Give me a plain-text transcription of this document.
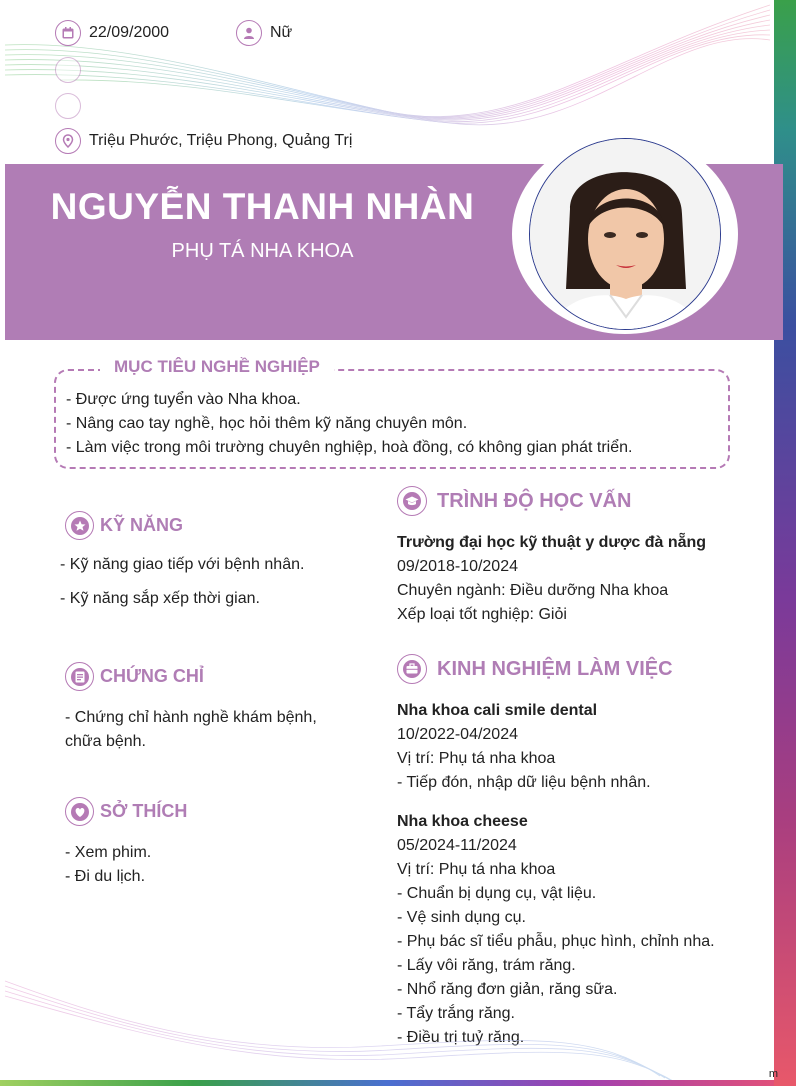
22/09/2000	Nữ
Triệu Phước, Triệu Phong, Quảng Trị
NGUYỄN THANH NHÀN
PHỤ TÁ NHA KHOA
MỤC TIÊU NGHỀ NGHIỆP
- Được ứng tuyển vào Nha khoa.
- Nâng cao tay nghề, học hỏi thêm kỹ năng chuyên môn.
- Làm việc trong môi trường chuyên nghiệp, hoà đồng, có không gian phát triển.
KỸ NĂNG
- Kỹ năng giao tiếp với bệnh nhân.
- Kỹ năng sắp xếp thời gian.
CHỨNG CHỈ
- Chứng chỉ hành nghề khám bệnh,
chữa bệnh.
SỞ THÍCH
- Xem phim.
- Đi du lịch.
TRÌNH ĐỘ HỌC VẤN
Trường đại học kỹ thuật y dược đà nẵng
09/2018-10/2024
Chuyên ngành: Điều dưỡng Nha khoa
Xếp loại tốt nghiệp: Giỏi
KINH NGHIỆM LÀM VIỆC
Nha khoa cali smile dental
10/2022-04/2024
Vị trí: Phụ tá nha khoa
- Tiếp đón, nhập dữ liệu bệnh nhân.
Nha khoa cheese
05/2024-11/2024
Vị trí: Phụ tá nha khoa
- Chuẩn bị dụng cụ, vật liệu.
- Vệ sinh dụng cụ.
- Phụ bác sĩ tiểu phẫu, phục hình, chỉnh nha.
- Lấy vôi răng, trám răng.
- Nhổ răng đơn giản, răng sữa.
- Tẩy trắng răng.
- Điều trị tuỷ răng.
m
